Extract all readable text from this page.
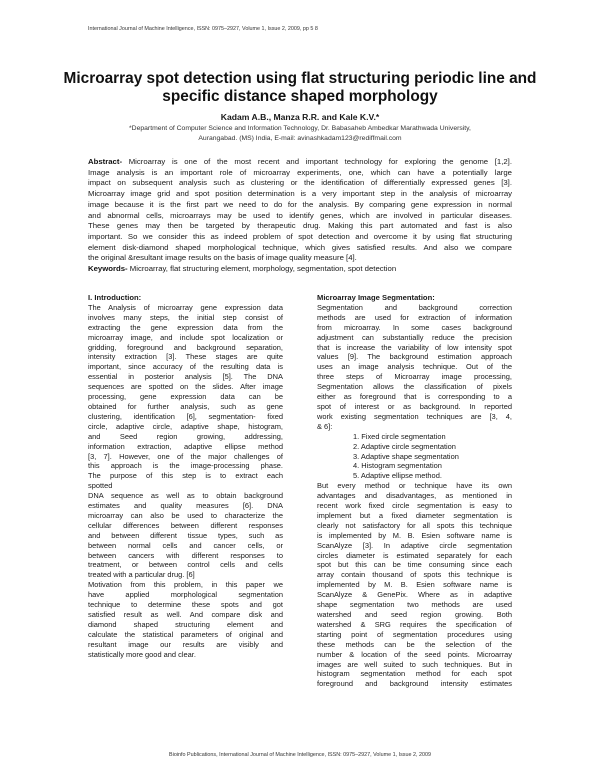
International Journal of Machine Intelligence, ISSN: 0975–2927, Volume 1, Issue 2, 2009, pp 5 8
Microarray spot detection using flat structuring periodic line and
specific distance shaped morphology
Kadam A.B., Manza R.R. and Kale K.V.*
*Department of Computer Science and Information Technology, Dr. Babasaheb Ambedkar Marathwada University,
Aurangabad. (MS) India, E-mail: avinashkadam123@rediffmail.com
Abstract- Microarray is one of the most recent and important technology for exploring the genome [1,2].
Image analysis is an important role of microarray experiments, one, which can have a potentially large
impact on subsequent analysis such as clustering or the identification of differentially expressed genes [3].
Microarray image grid and spot position determination is a very important step in the analysis of microarray
image because it is the first part we need to do for the analysis. By comparing gene expression in normal
and abnormal cells, microarrays may be used to identify genes, which are involved in particular diseases.
These genes may then be targeted by therapeutic drug. Making this part automated and fast is also
important. So we consider this as indeed problem of spot detection and overcome it by using flat structuring
element disk-diamond shaped morphological technique, which gives satisfied results. And also we compare
the original &resultant image results on the basis of image quality measure [4].
Keywords- Microarray, flat structuring element, morphology, segmentation, spot detection
I. Introduction:
The Analysis of microarray gene expression data
involves many steps, the initial step consist of
extracting the gene expression data from the
microarray image, and include spot localization or
gridding, foreground and background separation,
intensity extraction [3]. These stages are quite
important, since accuracy of the resulting data is
essential in posterior analysis [5]. The DNA
sequences are spotted on the slides. After image
processing, gene expression data can be
obtained for further analysis, such as gene
clustering, identification [6], segmentation- fixed
circle, adaptive circle, adaptive shape, histogram,
and Seed region growing, addressing,
information extraction, adaptive ellipse method
[3, 7]. However, one of the major challenges of
this approach is the image-processing phase.
The purpose of this step is to extract each
spotted
DNA sequence as well as to obtain background
estimates and quality measures [6]. DNA
microarray can also be used to characterize the
cellular differences between different responses
and between different tissue types, such as
between normal cells and cancer cells, or
between cancers with different responses to
treatment, or between control cells and cells
treated with a particular drug. [6]
Motivation from this problem, in this paper we
have applied morphological segmentation
technique to determine these spots and got
satisfied result as well. And compare disk and
diamond shaped structuring element and
calculate the statistical parameters of original and
resultant image our results are visibly and
statistically more good and clear.
Microarray Image Segmentation:
Segmentation and background correction
methods are used for extraction of information
from microarray. In some cases background
adjustment can substantially reduce the precision
that is increase the variability of low intensity spot
values [9]. The background estimation approach
uses an image analysis technique. Out of the
three steps of Microarray image processing,
Segmentation allows the classification of pixels
either as foreground that is corresponding to a
spot of interest or as background. In reported
work existing segmentation techniques are [3, 4,
& 6]:
1. Fixed circle segmentation
2. Adaptive circle segmentation
3. Adaptive shape segmentation
4. Histogram segmentation
5. Adaptive ellipse method.
But every method or technique have its own
advantages and disadvantages, as mentioned in
recent work fixed circle segmentation is easy to
implement but a fixed diameter segmentation is
clearly not satisfactory for all spots this technique
is implemented by M. B. Esien software name is
ScanAlyze [3]. In adaptive circle segmentation
circles diameter is estimated separately for each
spot but this can be time consuming since each
array contain thousand of spots this technique is
implemented by M. B. Esien software name is
ScanAlyze & GenePix. Where as in adaptive
shape segmentation two methods are used
watershed and seed region growing. Both
watershed & SRG requires the specification of
starting point of segmentation procedures using
these methods can be the selection of the
number & location of the seed points. Microarray
images are well suited to such techniques. But in
histogram segmentation method for each spot
foreground and background intensity estimates
Bioinfo Publications, International Journal of Machine Intelligence, ISSN: 0975–2927, Volume 1, Issue 2, 2009
